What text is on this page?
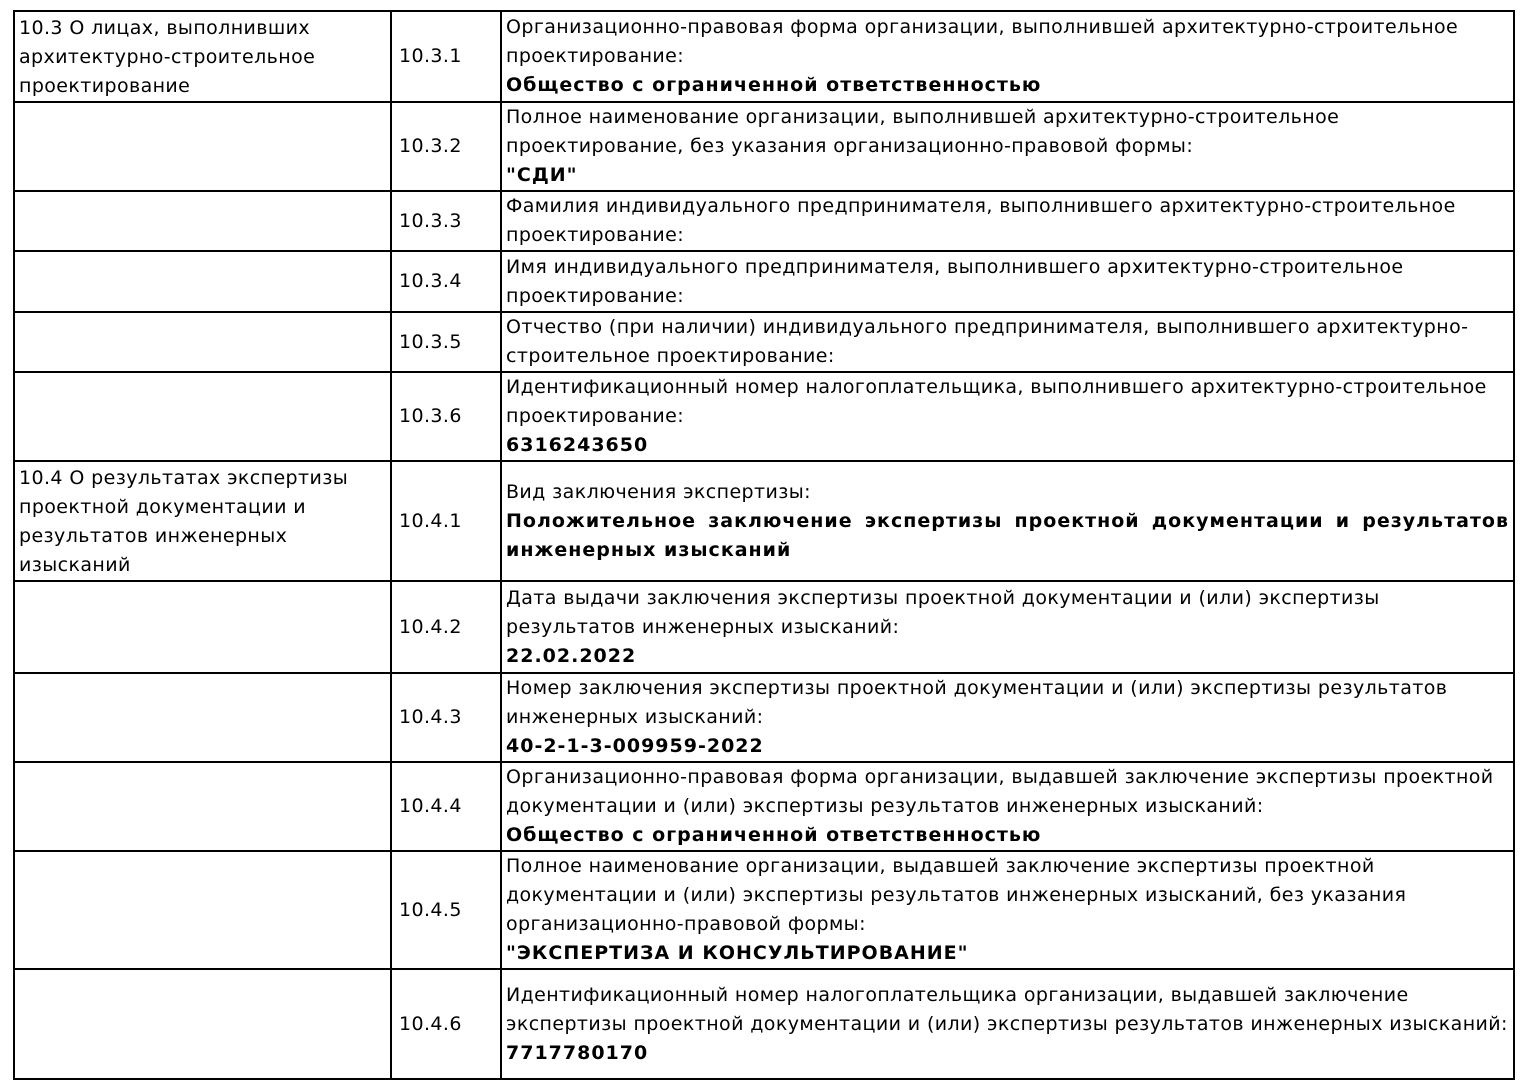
10.3 О лицах, выполнивших архитектурно-строительное проектирование	10.3.1	Организационно-правовая форма организации, выполнившей архитектурно-строительное проектирование:
Общество с ограниченной ответственностью

	10.3.2	Полное наименование организации, выполнившей архитектурно-строительное проектирование, без указания организационно-правовой формы:
"СДИ"

	10.3.3	Фамилия индивидуального предпринимателя, выполнившего архитектурно-строительное проектирование:

	10.3.4	Имя индивидуального предпринимателя, выполнившего архитектурно-строительное проектирование:

	10.3.5	Отчество (при наличии) индивидуального предпринимателя, выполнившего архитектурно-строительное проектирование:

	10.3.6	Идентификационный номер налогоплательщика, выполнившего архитектурно-строительное проектирование:
6316243650

10.4 О результатах экспертизы проектной документации и результатов инженерных изысканий	10.4.1	Вид заключения экспертизы:
Положительное заключение экспертизы проектной документации и результатов инженерных изысканий

	10.4.2	Дата выдачи заключения экспертизы проектной документации и (или) экспертизы результатов инженерных изысканий:
22.02.2022

	10.4.3	Номер заключения экспертизы проектной документации и (или) экспертизы результатов инженерных изысканий:
40-2-1-3-009959-2022

	10.4.4	Организационно-правовая форма организации, выдавшей заключение экспертизы проектной документации и (или) экспертизы результатов инженерных изысканий:
Общество с ограниченной ответственностью

	10.4.5	Полное наименование организации, выдавшей заключение экспертизы проектной документации и (или) экспертизы результатов инженерных изысканий, без указания организационно-правовой формы:
"ЭКСПЕРТИЗА И КОНСУЛЬТИРОВАНИЕ"

	10.4.6	Идентификационный номер налогоплательщика организации, выдавшей заключение экспертизы проектной документации и (или) экспертизы результатов инженерных изысканий:
7717780170
